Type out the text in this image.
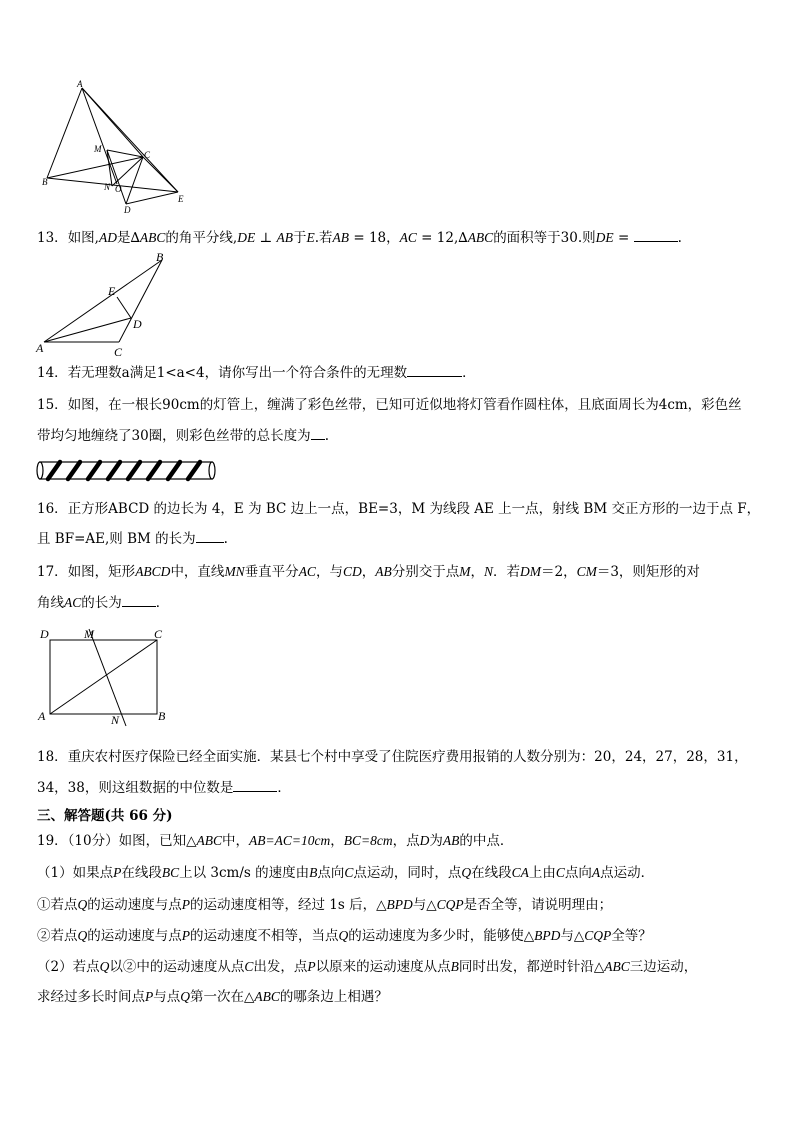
A
M
C
B	N O
D
E
13．如图,AD是∆ABC的角平分线,DE ⊥ AB于E.若AB = 18，AC = 12,∆ABC的面积等于30.则DE =	.
B
E
D
A	C
14．若无理数a满足1<a<4，请你写出一个符合条件的无理数	．
15．如图，在一根长90cm的灯管上，缠满了彩色丝带，已知可近似地将灯管看作圆柱体，且底面周长为4cm，彩色丝
带均匀地缠绕了30圈，则彩色丝带的总长度为 .
16．正方形ABCD 的边长为 4，E 为 BC 边上一点，BE=3，M 为线段 AE 上一点，射线 BM 交正方形的一边于点 F，
且 BF=AE,则 BM 的长为 .
17．如图，矩形ABCD中，直线MN垂直平分AC，与CD，AB分别交于点M，N．若DM＝2，CM＝3，则矩形的对
角线AC的长为	．
D	M	C
A	N	B
18．重庆农村医疗保险已经全面实施．某县七个村中享受了住院医疗费用报销的人数分别为：20，24，27，28，31，
34，38，则这组数据的中位数是	．
三、解答题(共 66 分)
19．（10分）如图，已知△ABC中，AB=AC=10cm，BC=8cm，点D为AB的中点．
（1）如果点P在线段BC上以 3cm/s 的速度由B点向C点运动，同时，点Q在线段CA上由C点向A点运动．
①若点Q的运动速度与点P的运动速度相等，经过 1s 后，△BPD与△CQP是否全等，请说明理由；
②若点Q的运动速度与点P的运动速度不相等，当点Q的运动速度为多少时，能够使△BPD与△CQP全等？
（2）若点Q以②中的运动速度从点C出发，点P以原来的运动速度从点B同时出发，都逆时针沿△ABC三边运动，
求经过多长时间点P与点Q第一次在△ABC的哪条边上相遇？
